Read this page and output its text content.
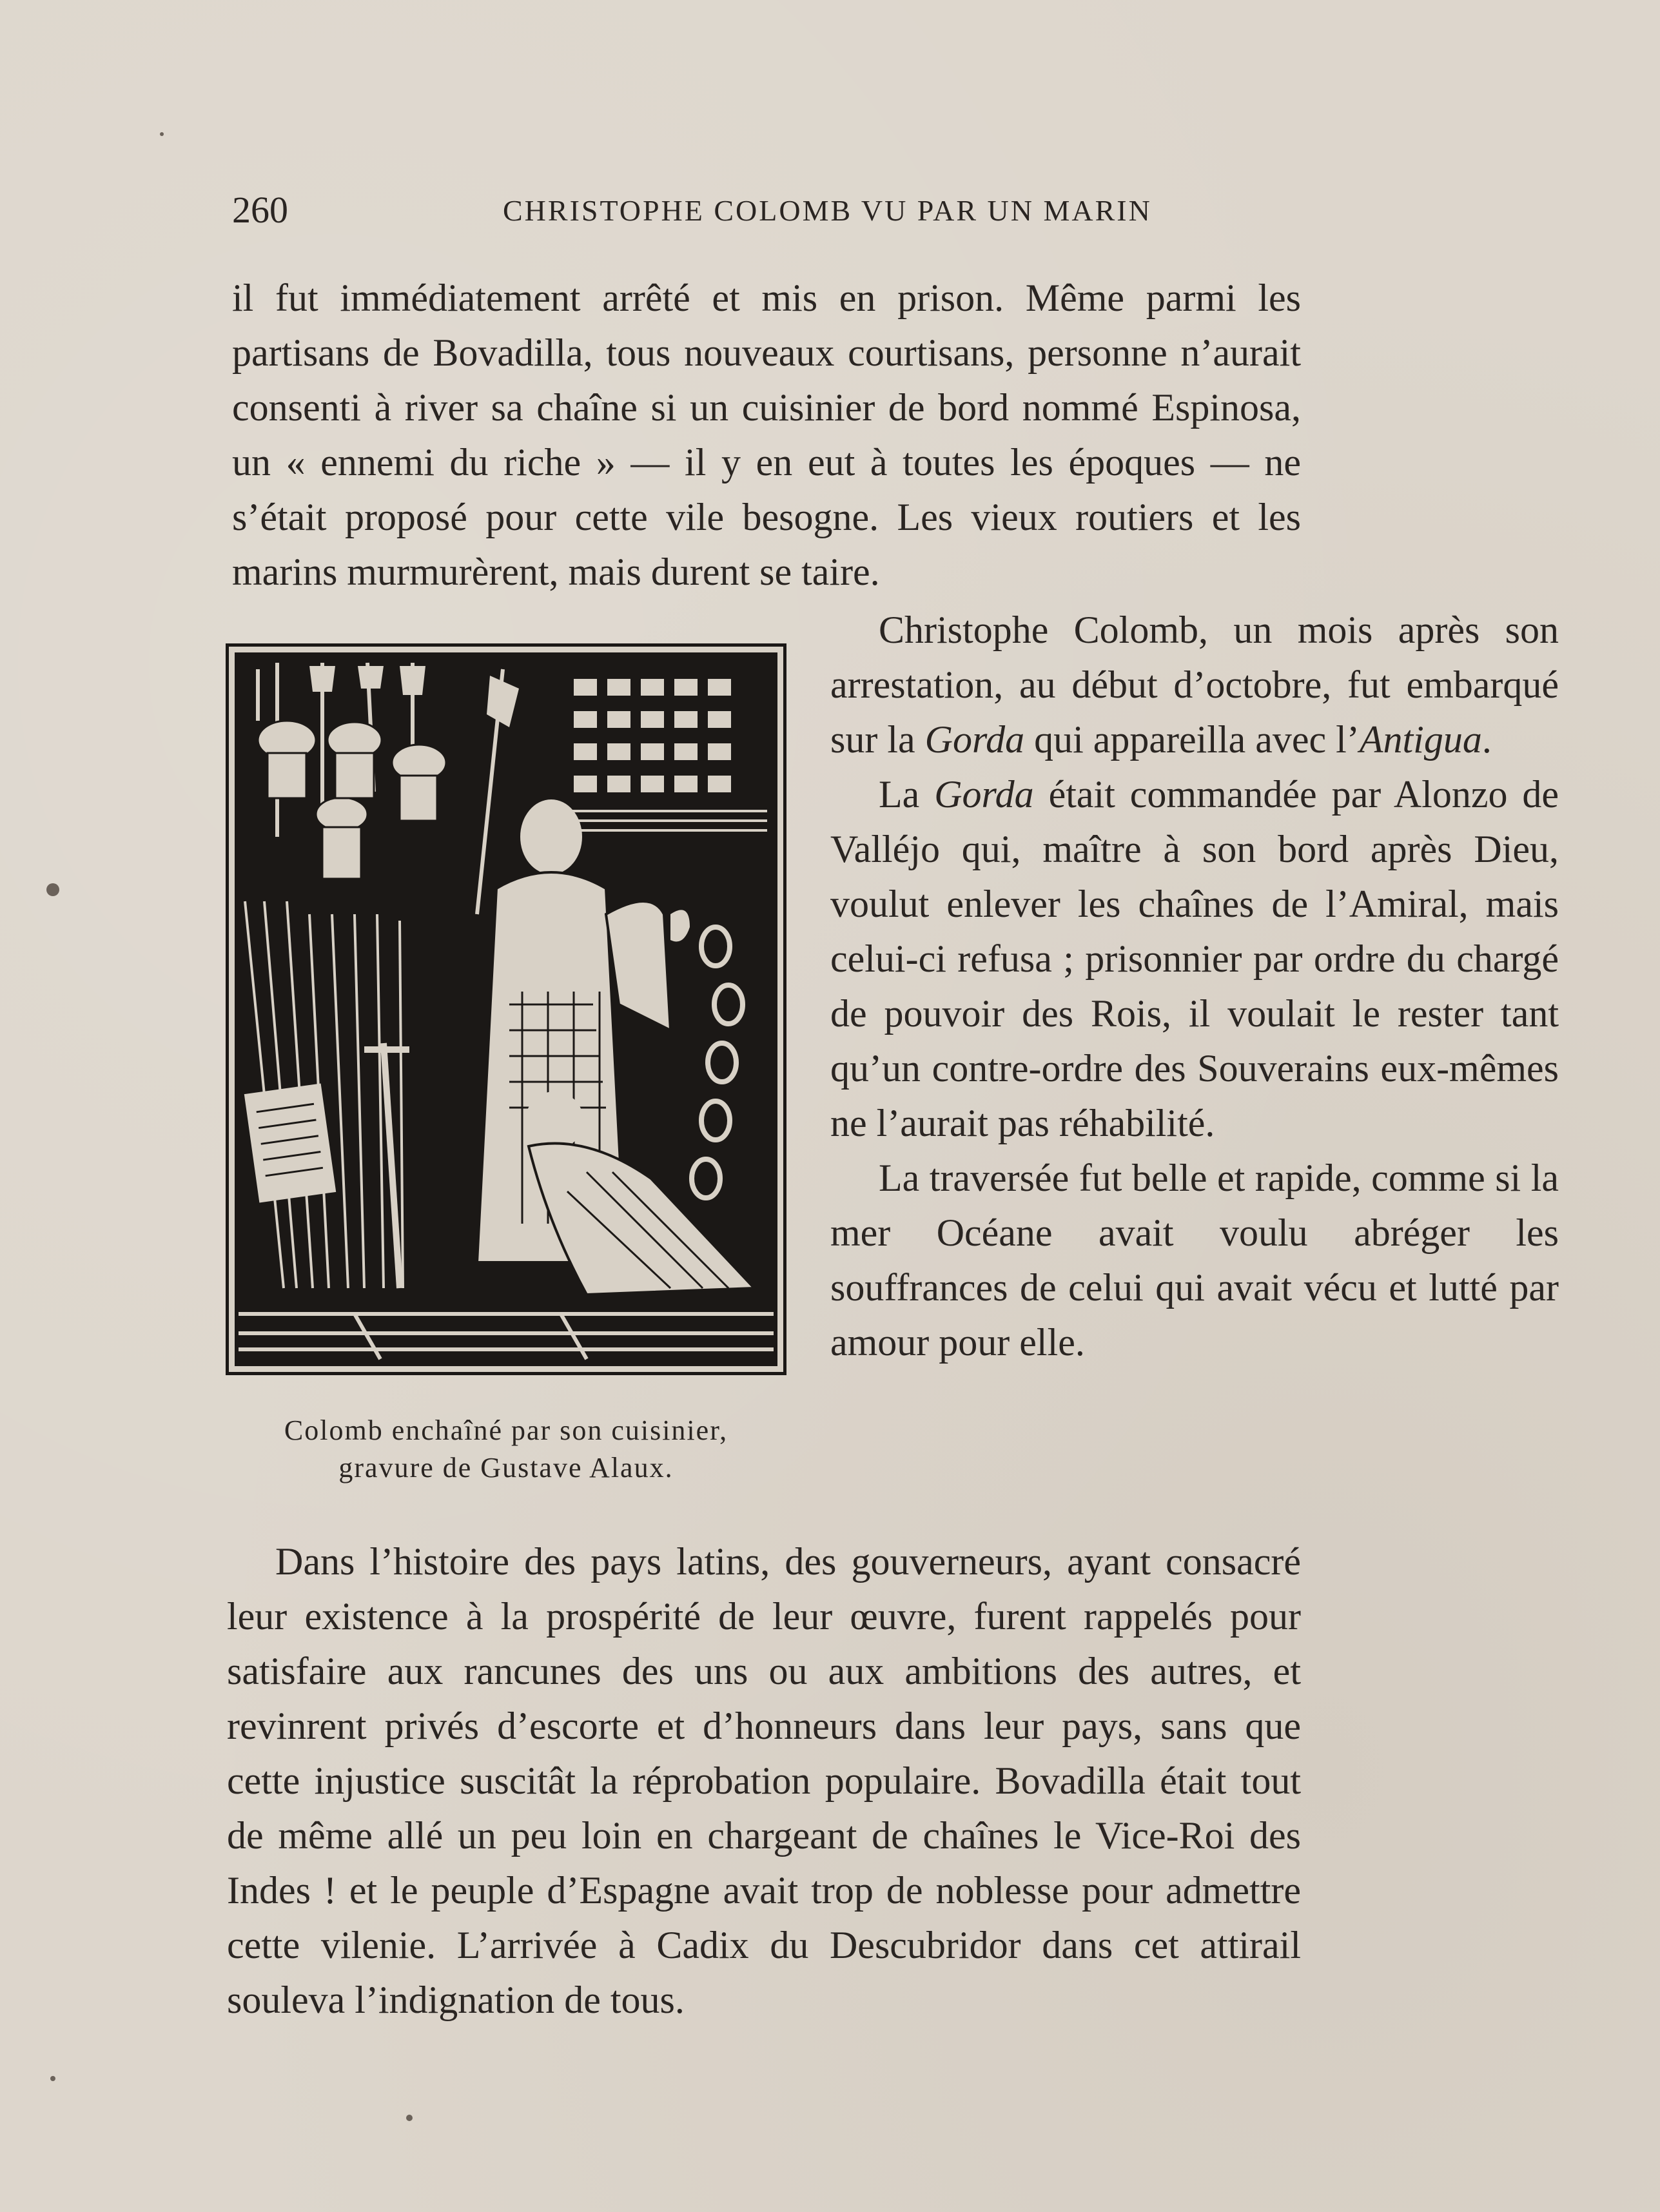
260	CHRISTOPHE COLOMB VU PAR UN MARIN

il fut immédiatement arrêté et mis en prison. Même parmi les partisans de Bovadilla, tous nouveaux courtisans, personne n’aurait consenti à river sa chaîne si un cuisinier de bord nommé Espinosa, un « ennemi du riche » — il y en eut à toutes les époques — ne s’était proposé pour cette vile besogne. Les vieux routiers et les marins murmurèrent, mais durent se taire.

Colomb enchaîné par son cuisinier,
gravure de Gustave Alaux.

Christophe Colomb, un mois après son arrestation, au début d’octobre, fut embarqué sur la Gorda qui appareilla avec l’Antigua.

La Gorda était commandée par Alonzo de Valléjo qui, maître à son bord après Dieu, voulut enlever les chaînes de l’Amiral, mais celui-ci refusa ; prisonnier par ordre du chargé de pouvoir des Rois, il voulait le rester tant qu’un contre-ordre des Souverains eux-mêmes ne l’aurait pas réhabilité.

La traversée fut belle et rapide, comme si la mer Océane avait voulu abréger les souffrances de celui qui avait vécu et lutté par amour pour elle.

Dans l’histoire des pays latins, des gouverneurs, ayant consacré leur existence à la prospérité de leur œuvre, furent rappelés pour satisfaire aux rancunes des uns ou aux ambitions des autres, et revinrent privés d’escorte et d’honneurs dans leur pays, sans que cette injustice suscitât la réprobation populaire. Bovadilla était tout de même allé un peu loin en chargeant de chaînes le Vice-Roi des Indes ! et le peuple d’Espagne avait trop de noblesse pour admettre cette vilenie. L’arrivée à Cadix du Descubridor dans cet attirail souleva l’indignation de tous.
